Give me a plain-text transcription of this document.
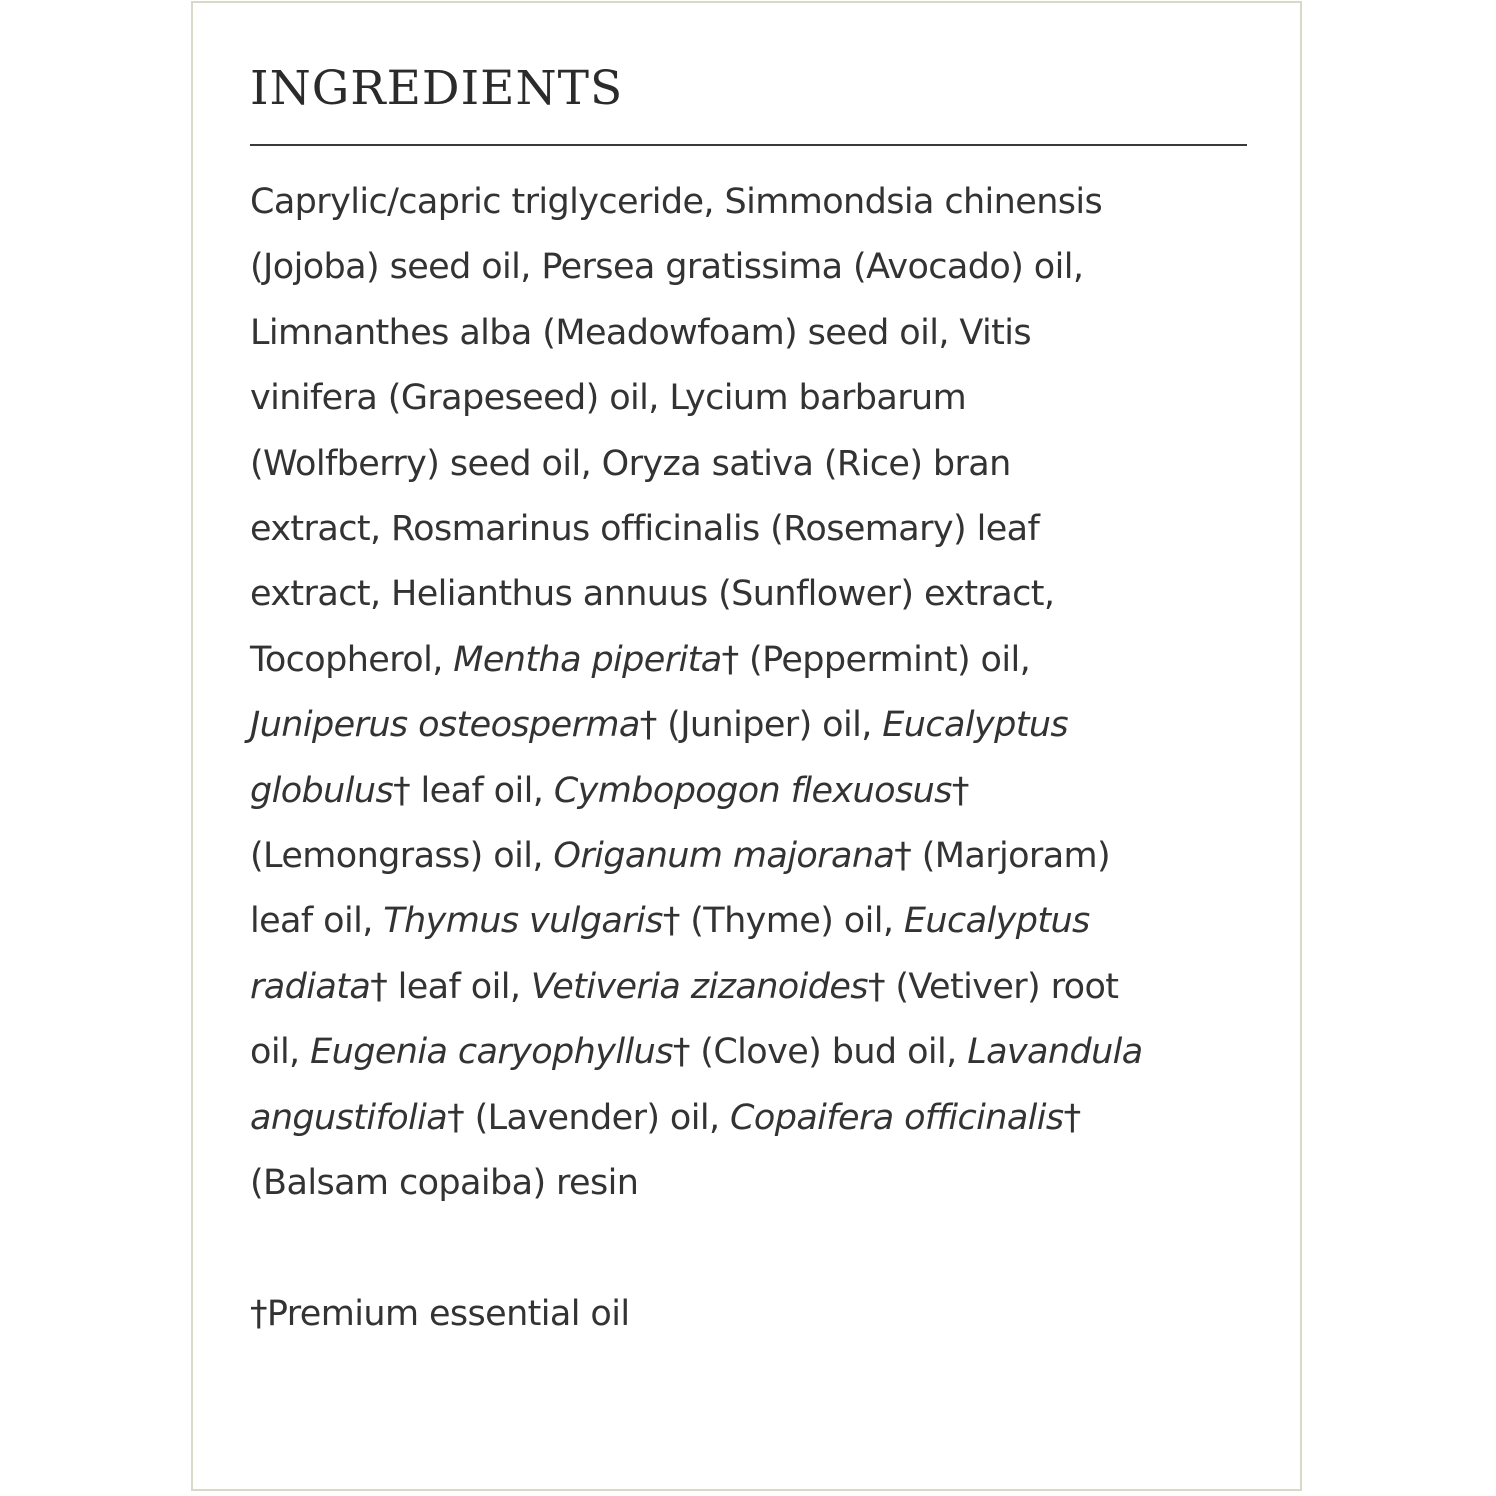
INGREDIENTS

Caprylic/capric triglyceride, Simmondsia chinensis
(Jojoba) seed oil, Persea gratissima (Avocado) oil,
Limnanthes alba (Meadowfoam) seed oil, Vitis
vinifera (Grapeseed) oil, Lycium barbarum
(Wolfberry) seed oil, Oryza sativa (Rice) bran
extract, Rosmarinus officinalis (Rosemary) leaf
extract, Helianthus annuus (Sunflower) extract,
Tocopherol, Mentha piperita† (Peppermint) oil,
Juniperus osteosperma† (Juniper) oil, Eucalyptus
globulus† leaf oil, Cymbopogon flexuosus†
(Lemongrass) oil, Origanum majorana† (Marjoram)
leaf oil, Thymus vulgaris† (Thyme) oil, Eucalyptus
radiata† leaf oil, Vetiveria zizanoides† (Vetiver) root
oil, Eugenia caryophyllus† (Clove) bud oil, Lavandula
angustifolia† (Lavender) oil, Copaifera officinalis†
(Balsam copaiba) resin

†Premium essential oil
